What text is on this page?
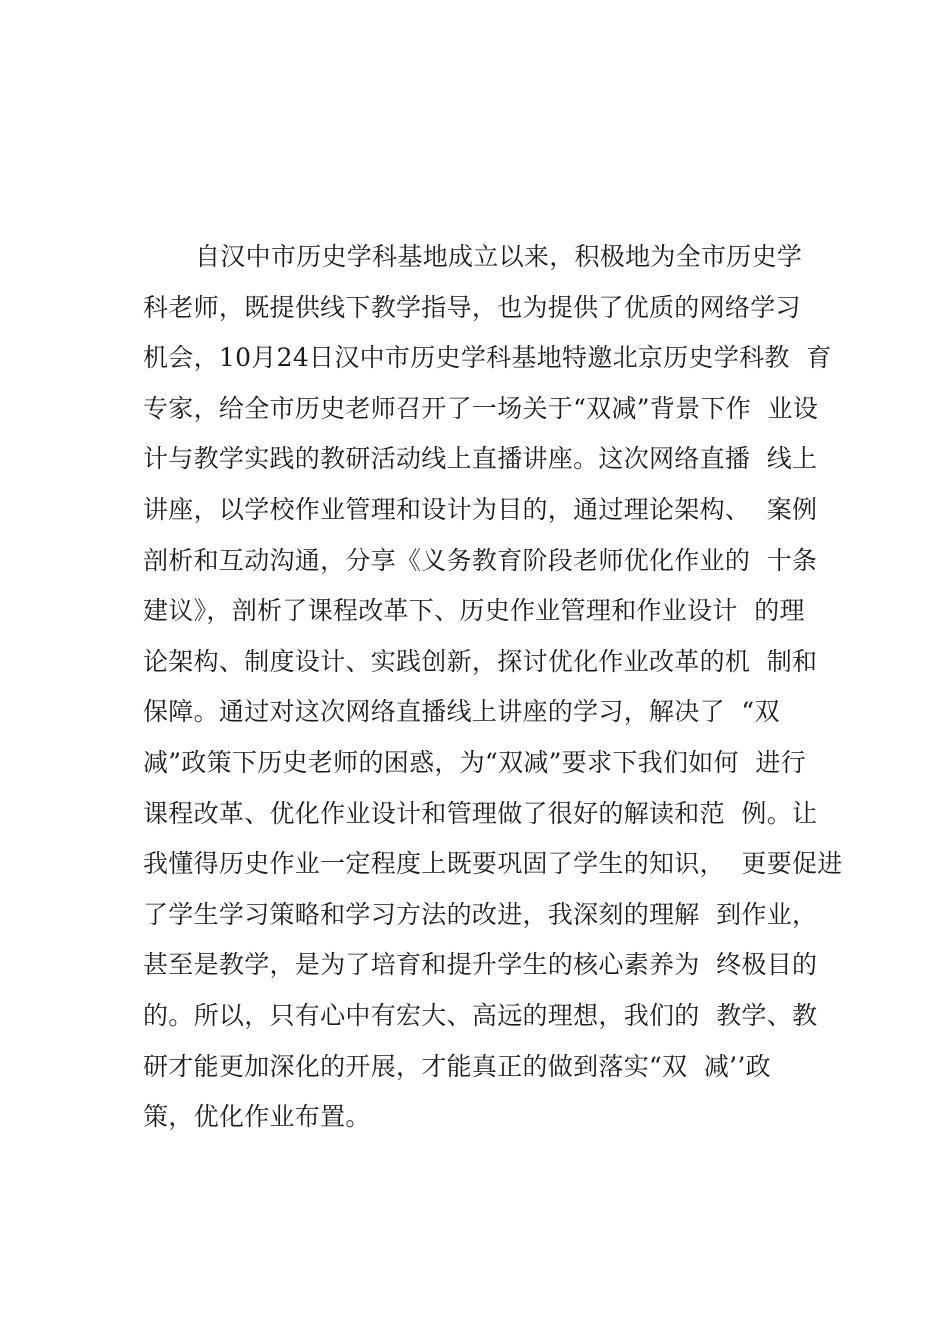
自汉中市历史学科基地成立以来，积极地为全市历史学
科老师，既提供线下教学指导，也为提供了优质的网络学习
机会，10月24日汉中市历史学科基地特邀北京历史学科教  育
专家，给全市历史老师召开了一场关于“双减”背景下作  业设
计与教学实践的教研活动线上直播讲座。这次网络直播  线上
讲座，以学校作业管理和设计为目的，通过理论架构、  案例
剖析和互动沟通，分享《义务教育阶段老师优化作业的  十条
建议》，剖析了课程改革下、历史作业管理和作业设计  的理
论架构、制度设计、实践创新，探讨优化作业改革的机  制和
保障。通过对这次网络直播线上讲座的学习，解决了  “双
减”政策下历史老师的困惑，为“双减”要求下我们如何  进行
课程改革、优化作业设计和管理做了很好的解读和范  例。让
我懂得历史作业一定程度上既要巩固了学生的知识，  更要促进
了学生学习策略和学习方法的改进，我深刻的理解  到作业，
甚至是教学，是为了培育和提升学生的核心素养为  终极目的
的。所以，只有心中有宏大、高远的理想，我们的  教学、教
研才能更加深化的开展，才能真正的做到落实“双  减’’政
策，优化作业布置。
